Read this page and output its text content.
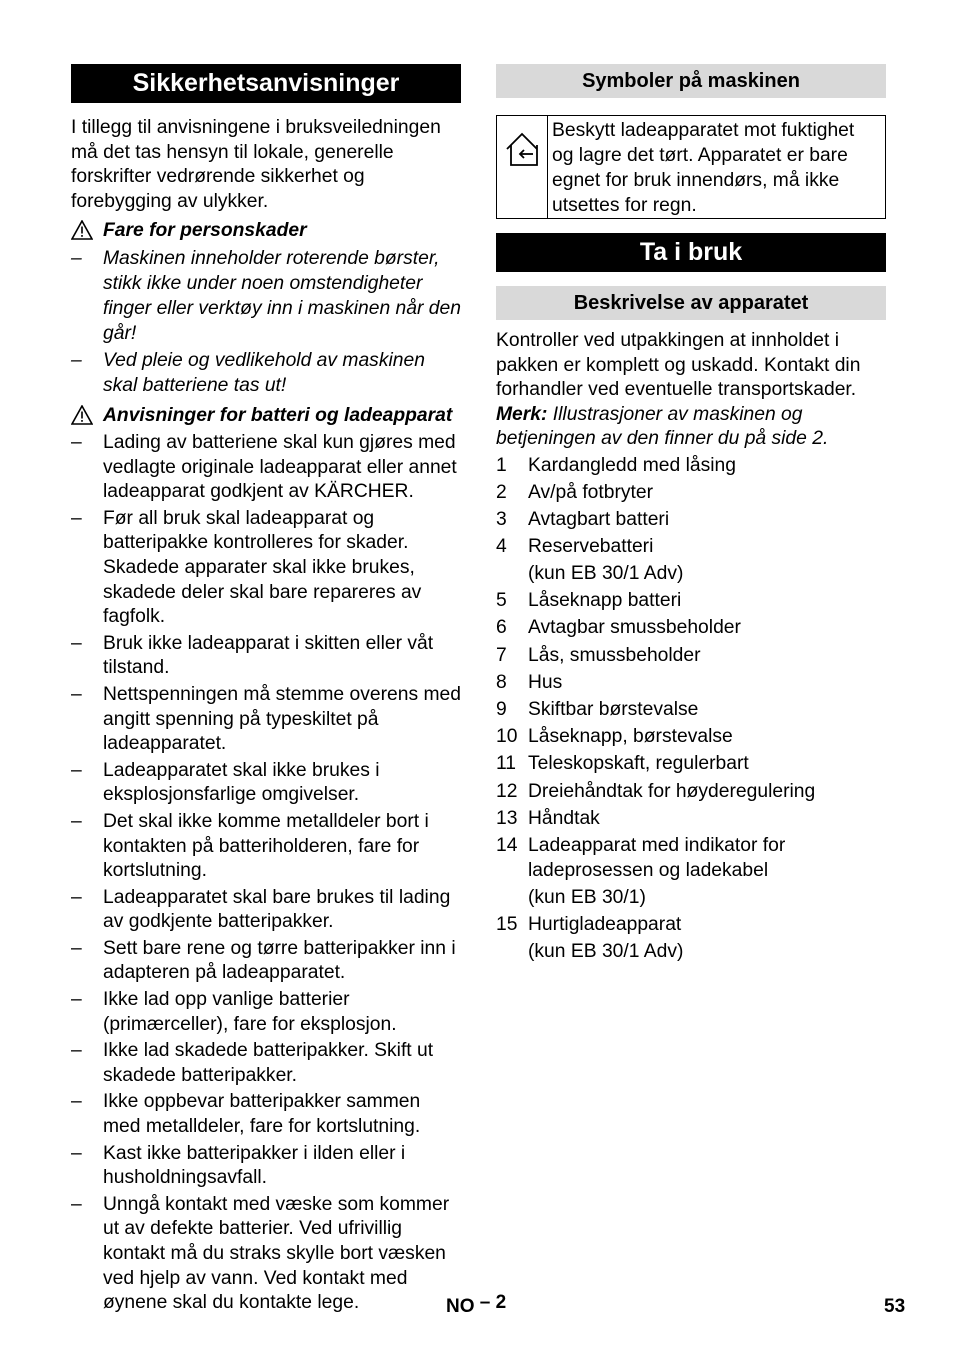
Sikkerhetsanvisninger

I tillegg til anvisningene i bruksveiledningen må det tas hensyn til lokale, generelle forskrifter vedrørende sikkerhet og forebygging av ulykker.

Fare for personskader
– Maskinen inneholder roterende børster, stikk ikke under noen omstendigheter finger eller verktøy inn i maskinen når den går!
– Ved pleie og vedlikehold av maskinen skal batteriene tas ut!
Anvisninger for batteri og ladeapparat
– Lading av batteriene skal kun gjøres med vedlagte originale ladeapparat eller annet ladeapparat godkjent av KÄRCHER.
– Før all bruk skal ladeapparat og batteripakke kontrolleres for skader. Skadede apparater skal ikke brukes, skadede deler skal bare repareres av fagfolk.
– Bruk ikke ladeapparat i skitten eller våt tilstand.
– Nettspenningen må stemme overens med angitt spenning på typeskiltet på ladeapparatet.
– Ladeapparatet skal ikke brukes i eksplosjonsfarlige omgivelser.
– Det skal ikke komme metalldeler bort i kontakten på batteriholderen, fare for kortslutning.
– Ladeapparatet skal bare brukes til lading av godkjente batteripakker.
– Sett bare rene og tørre batteripakker inn i adapteren på ladeapparatet.
– Ikke lad opp vanlige batterier (primærceller), fare for eksplosjon.
– Ikke lad skadede batteripakker. Skift ut skadede batteripakker.
– Ikke oppbevar batteripakker sammen med metalldeler, fare for kortslutning.
– Kast ikke batteripakker i ilden eller i husholdningsavfall.
– Unngå kontakt med væske som kommer ut av defekte batterier. Ved ufrivillig kontakt må du straks skylle bort væsken ved hjelp av vann. Ved kontakt med øynene skal du kontakte lege.
Symboler på maskinen
Beskytt ladeapparatet mot fuktighet og lagre det tørt. Apparatet er bare egnet for bruk innendørs, må ikke utsettes for regn.
Ta i bruk
Beskrivelse av apparatet

Kontroller ved utpakkingen at innholdet i pakken er komplett og uskadd. Kontakt din forhandler ved eventuelle transportskader.

Merk: Illustrasjoner av maskinen og betjeningen av den finner du på side 2.

1 Kardangledd med låsing
2 Av/på fotbryter
3 Avtagbart batteri
4 Reservebatteri
(kun EB 30/1 Adv)
5 Låseknapp batteri
6 Avtagbar smussbeholder
7 Lås, smussbeholder
8 Hus
9 Skiftbar børstevalse
10 Låseknapp, børstevalse
11 Teleskopskaft, regulerbart
12 Dreiehåndtak for høyderegulering
13 Håndtak
14 Ladeapparat med indikator for ladeprosessen og ladekabel
(kun EB 30/1)
15 Hurtigladeapparat
(kun EB 30/1 Adv)
NO – 2	53
